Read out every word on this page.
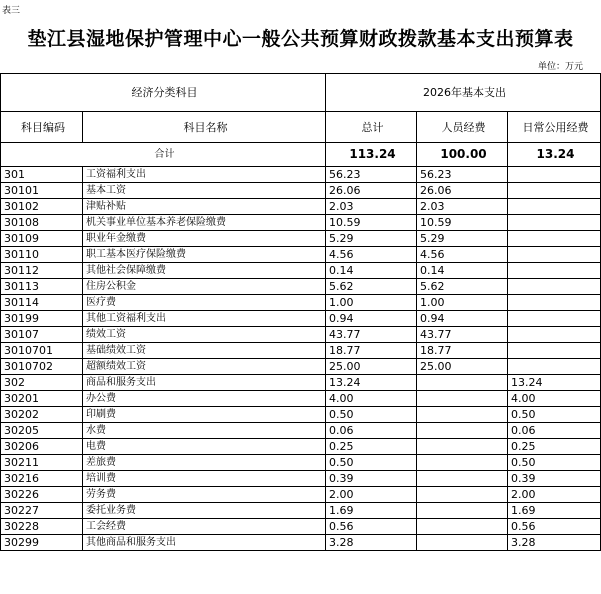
表三
垫江县湿地保护管理中心一般公共预算财政拨款基本支出预算表
单位：万元
经济分类科目		2026年基本支出		
科目编码	科目名称	总计	人员经费	日常公用经费
合计		113.24	100.00	13.24
301	工资福利支出	56.23	56.23	
30101	基本工资	26.06	26.06	
30102	津贴补贴	2.03	2.03	
30108	机关事业单位基本养老保险缴费	10.59	10.59	
30109	职业年金缴费	5.29	5.29	
30110	职工基本医疗保险缴费	4.56	4.56	
30112	其他社会保障缴费	0.14	0.14	
30113	住房公积金	5.62	5.62	
30114	医疗费	1.00	1.00	
30199	其他工资福利支出	0.94	0.94	
30107	绩效工资	43.77	43.77	
3010701	基础绩效工资	18.77	18.77	
3010702	超额绩效工资	25.00	25.00	
302	商品和服务支出	13.24		13.24
30201	办公费	4.00		4.00
30202	印刷费	0.50		0.50
30205	水费	0.06		0.06
30206	电费	0.25		0.25
30211	差旅费	0.50		0.50
30216	培训费	0.39		0.39
30226	劳务费	2.00		2.00
30227	委托业务费	1.69		1.69
30228	工会经费	0.56		0.56
30299	其他商品和服务支出	3.28		3.28
